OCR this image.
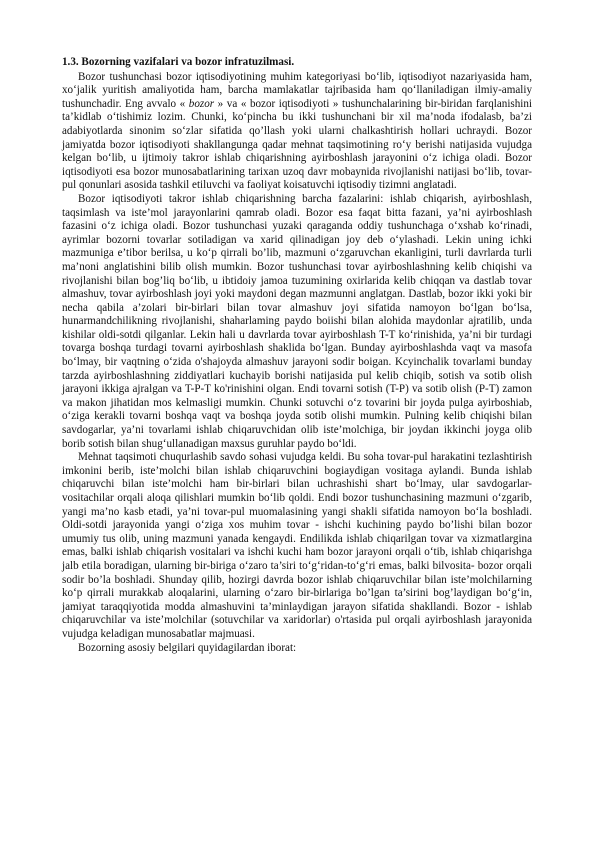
1.3. Bozorning vazifalari va bozor infratuzilmasi.

Bozor tushunchasi bozor iqtisodiyotining muhim kategoriyasi bo‘lib, iqtisodiyot nazariyasida ham, xo‘jalik yuritish amaliyotida ham, barcha mamlakatlar tajribasida ham qo‘llaniladigan ilmiy-amaliy tushunchadir. Eng avvalo « bozor » va « bozor iqtisodiyoti » tushunchalarining bir-biridan farqlanishini ta’kidlab o‘tishimiz lozim. Chunki, ko‘pincha bu ikki tushunchani bir xil ma’noda ifodalasb, ba’zi adabiyotlarda sinonim so‘zlar sifatida qo’llash yoki ularni chalkashtirish hollari uchraydi. Bozor jamiyatda bozor iqtisodiyoti shakllangunga qadar mehnat taqsimotining ro‘y berishi natijasida vujudga kelgan bo‘lib, u ijtimoiy takror ishlab chiqarishning ayirboshlash jarayonini o‘z ichiga oladi. Bozor iqtisodiyoti esa bozor munosabatlarining tarixan uzoq davr mobaynida rivojlanishi natijasi bo‘lib, tovar-pul qonunlari asosida tashkil etiluvchi va faoliyat koisatuvchi iqtisodiy tizimni anglatadi.

Bozor iqtisodiyoti takror ishlab chiqarishning barcha fazalarini: ishlab chiqarish, ayirboshlash, taqsimlash va iste’mol jarayonlarini qamrab oladi. Bozor esa faqat bitta fazani, ya’ni ayirboshlash fazasini o‘z ichiga oladi. Bozor tushunchasi yuzaki qaraganda oddiy tushunchaga o‘xshab ko‘rinadi, ayrimlar bozorni tovarlar sotiladigan va xarid qilinadigan joy deb o‘ylashadi. Lekin uning ichki mazmuniga e’tibor berilsa, u ko‘p qirrali bo’lib, mazmuni o‘zgaruvchan ekanligini, turli davrlarda turli ma’noni anglatishini bilib olish mumkin. Bozor tushunchasi tovar ayirboshlashning kelib chiqishi va rivojlanishi bilan bog’liq bo‘lib, u ibtidoiy jamoa tuzumining oxirlarida kelib chiqqan va dastlab tovar almashuv, tovar ayirboshlash joyi yoki maydoni degan mazmunni anglatgan. Dastlab, bozor ikki yoki bir necha qabila a’zolari bir-birlari bilan tovar almashuv joyi sifatida namoyon bo‘lgan bo‘lsa, hunarmandchilikning rivojlanishi, shaharlaming paydo boiishi bilan alohida maydonlar ajratilib, unda kishilar oldi-sotdi qilganlar. Lekin hali u davrlarda tovar ayirboshlash T-T ko‘rinishida, ya’ni bir turdagi tovarga boshqa turdagi tovarni ayirboshlash shaklida bo‘lgan. Bunday ayirboshlashda vaqt va masofa bo‘lmay, bir vaqtning o‘zida o'shajoyda almashuv jarayoni sodir boigan. Kcyinchalik tovarlami bunday tarzda ayirboshlashning ziddiyatlari kuchayib borishi natijasida pul kelib chiqib, sotish va sotib olish jarayoni ikkiga ajralgan va T-P-T ko'rinishini olgan. Endi tovarni sotish (T-P) va sotib olish (P-T) zamon va makon jihatidan mos kelmasligi mumkin. Chunki sotuvchi o‘z tovarini bir joyda pulga ayirboshiab, o‘ziga kerakli tovarni boshqa vaqt va boshqa joyda sotib olishi mumkin. Pulning kelib chiqishi bilan savdogarlar, ya’ni tovarlami ishlab chiqaruvchidan olib iste’molchiga, bir joydan ikkinchi joyga olib borib sotish bilan shug‘ullanadigan maxsus guruhlar paydo bo‘ldi.

Mehnat taqsimoti chuqurlashib savdo sohasi vujudga keldi. Bu soha tovar-pul harakatini tezlashtirish imkonini berib, iste’molchi bilan ishlab chiqaruvchini bogiaydigan vositaga aylandi. Bunda ishlab chiqaruvchi bilan iste’molchi ham bir-birlari bilan uchrashishi shart bo‘lmay, ular savdogarlar-vositachilar orqali aloqa qilishlari mumkin bo‘lib qoldi. Endi bozor tushunchasining mazmuni o‘zgarib, yangi ma’no kasb etadi, ya’ni tovar-pul muomalasining yangi shakli sifatida namoyon bo‘la boshladi. Oldi-sotdi jarayonida yangi o‘ziga xos muhim tovar - ishchi kuchining paydo bo’lishi bilan bozor umumiy tus olib, uning mazmuni yanada kengaydi. Endilikda ishlab chiqarilgan tovar va xizmatlargina emas, balki ishlab chiqarish vositalari va ishchi kuchi ham bozor jarayoni orqali o‘tib, ishlab chiqarishga jalb etila boradigan, ularning bir-biriga o‘zaro ta’siri to‘g‘ridan‑to‘g‘ri emas, balki bilvosita- bozor orqali sodir bo’la boshladi. Shunday qilib, hozirgi davrda bozor ishlab chiqaruvchilar bilan iste’molchilarning ko‘p qirrali murakkab aloqalarini, ularning o‘zaro bir-birlariga bo’lgan ta’sirini bog’laydigan bo‘g‘in, jamiyat taraqqiyotida modda almashuvini ta’minlaydigan jarayon sifatida shakllandi. Bozor - ishlab chiqaruvchilar va iste’molchilar (sotuvchilar va xaridorlar) o'rtasida pul orqali ayirboshlash jarayonida vujudga keladigan munosabatlar majmuasi.

Bozorning asosiy belgilari quyidagilardan iborat:
